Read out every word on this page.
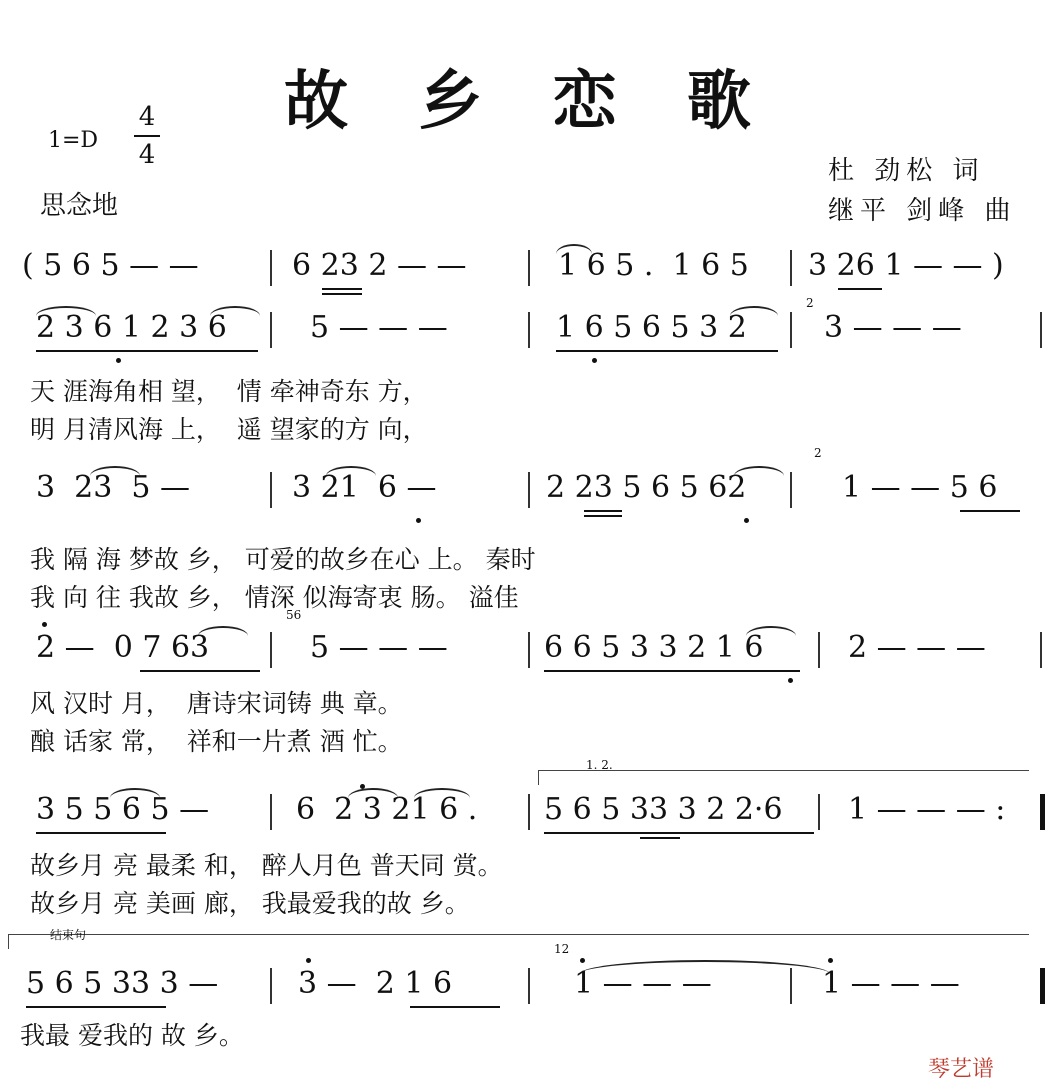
故 乡 恋 歌
1=D
4
4
思念地
杜 劲松 词
继平 剑峰 曲
( 5 6 5 — —	6 23 2 — —	1 6 5 .  1 6 5 3 26 1 — — )
2 3 6 1 2 3 6	5 — — —	1 6 5 6 5 3 2	3 — — —
2
天 涯海角相 望，  情 牵神奇东 方，
明 月清风海 上，  遥 望家的方 向，
3  23  5 —	3 21  6 —	2 23 5 6 5 62	1 — — 5 6
2
我 隔 海 梦故 乡， 可爱的故乡在心 上。 秦时
我 向 往 我故 乡， 情深 似海寄衷 肠。 溢佳
2 —  0 7 63	5 — — —	6 6 5 3 3 2 1 6	2 — — —
56
风 汉时 月，  唐诗宋词铸 典 章。
酿 话家 常，  祥和一片煮 酒 忙。
1. 2.
3 5 5 6 5 —	6  2 3 21 6 . 5 6 5 33 3 2 2·6 1 — — — :
故乡月 亮 最柔 和， 醉人月色 普天同 赏。
故乡月 亮 美画 廊， 我最爱我的故 乡。
结束句
5 6 5 33 3 —	3 —  2 1 6	1 — — —	1 — — —
12
我最 爱我的 故 乡。
琴艺谱
